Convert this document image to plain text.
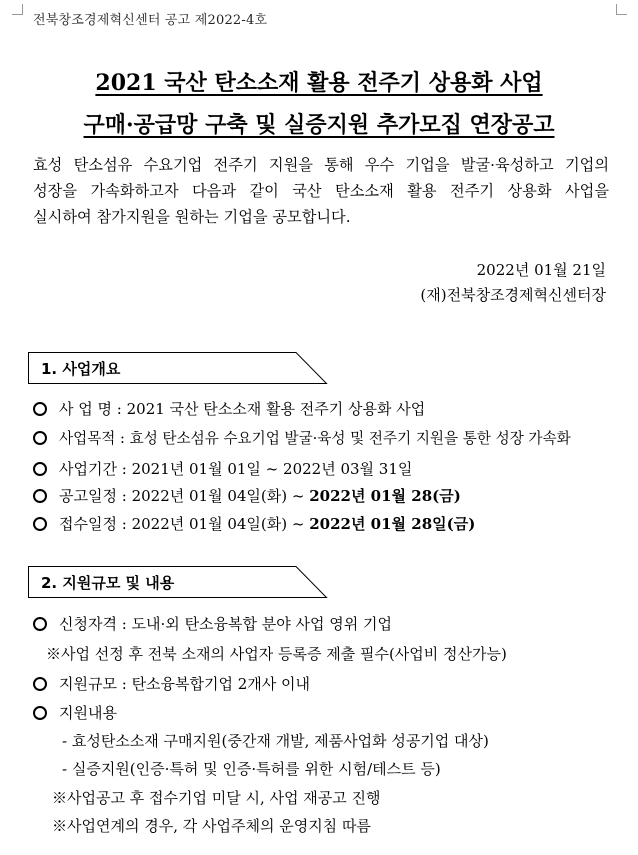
전북창조경제혁신센터 공고 제2022-4호
2021 국산 탄소소재 활용 전주기 상용화 사업
구매·공급망 구축 및 실증지원 추가모집 연장공고
효성 탄소섬유 수요기업 전주기 지원을 통해 우수 기업을 발굴·육성하고 기업의
성장을 가속화하고자 다음과 같이 국산 탄소소재 활용 전주기 상용화 사업을
실시하여 참가지원을 원하는 기업을 공모합니다.
2022년 01월 21일
(재)전북창조경제혁신센터장
1. 사업개요
사 업 명 : 2021 국산 탄소소재 활용 전주기 상용화 사업
사업목적 : 효성 탄소섬유 수요기업 발굴·육성 및 전주기 지원을 통한 성장 가속화
사업기간 : 2021년 01월 01일 ~ 2022년 03월 31일
공고일정 : 2022년 01월 04일(화) ~ 2022년 01월 28(금)
접수일정 : 2022년 01월 04일(화) ~ 2022년 01월 28일(금)
2. 지원규모 및 내용
신청자격 : 도내·외 탄소융복합 분야 사업 영위 기업
※사업 선정 후 전북 소재의 사업자 등록증 제출 필수(사업비 정산가능)
지원규모 : 탄소융복합기업 2개사 이내
지원내용
- 효성탄소소재 구매지원(중간재 개발, 제품사업화 성공기업 대상)
- 실증지원(인증·특허 및 인증·특허를 위한 시험/테스트 등)
※사업공고 후 접수기업 미달 시, 사업 재공고 진행
※사업연계의 경우, 각 사업주체의 운영지침 따름
